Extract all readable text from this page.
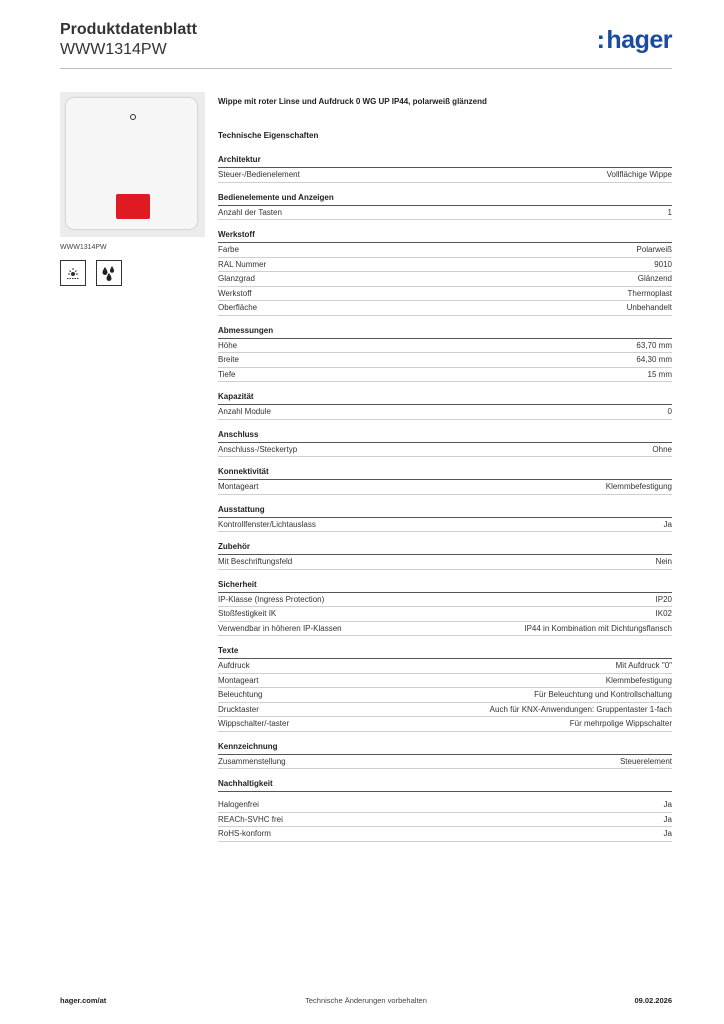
Produktdatenblatt
WWW1314PW	:hager
WWW1314PW
Wippe mit roter Linse und Aufdruck 0 WG UP IP44, polarweiß glänzend
Technische Eigenschaften
Architektur
Steuer-/Bedienelement	Vollflächige Wippe
Bedienelemente und Anzeigen
Anzahl der Tasten	1
Werkstoff
Farbe	Polarweiß
RAL Nummer	9010
Glanzgrad	Glänzend
Werkstoff	Thermoplast
Oberfläche	Unbehandelt
Abmessungen
Höhe	63,70 mm
Breite	64,30 mm
Tiefe	15 mm
Kapazität
Anzahl Module	0
Anschluss
Anschluss-/Steckertyp	Ohne
Konnektivität
Montageart	Klemmbefestigung
Ausstattung
Kontrollfenster/Lichtauslass	Ja
Zubehör
Mit Beschriftungsfeld	Nein
Sicherheit
IP-Klasse (Ingress Protection)	IP20
Stoßfestigkeit IK	IK02
Verwendbar in höheren IP-Klassen	IP44 in Kombination mit Dichtungsflansch
Texte
Aufdruck	Mit Aufdruck "0"
Montageart	Klemmbefestigung
Beleuchtung	Für Beleuchtung und Kontrollschaltung
Drucktaster	Auch für KNX-Anwendungen: Gruppentaster 1-fach
Wippschalter/-taster	Für mehrpolige Wippschalter
Kennzeichnung
Zusammenstellung	Steuerelement
Nachhaltigkeit
Halogenfrei	Ja
REACh-SVHC frei	Ja
RoHS-konform	Ja
Technische Änderungen vorbehalten
hager.com/at	09.02.2026
